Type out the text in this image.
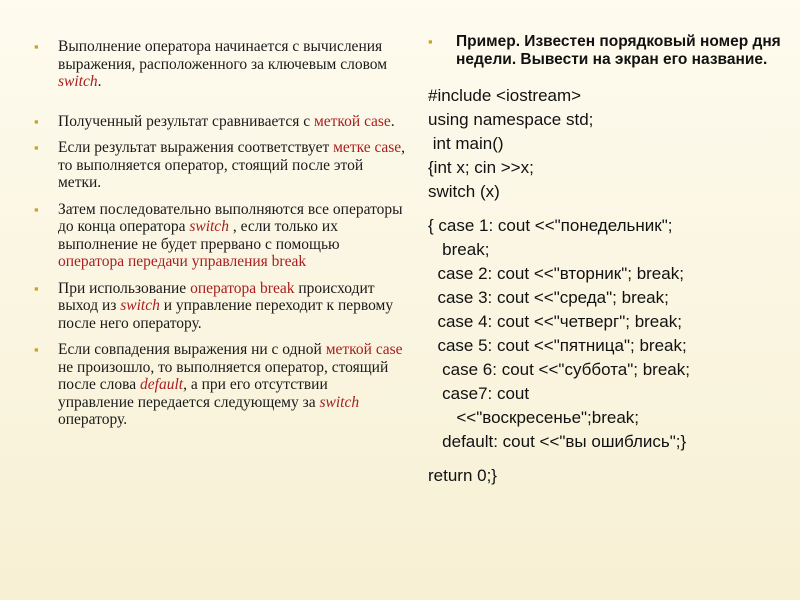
▪ Выполнение оператора начинается с вычисления выражения, расположенного за ключевым словом switch.
▪ Полученный результат сравнивается с меткой case.
▪ Если результат выражения соответствует метке case, то выполняется оператор, стоящий после этой метки.
▪ Затем последовательно выполняются все операторы до конца оператора switch , если только их выполнение не будет прервано с помощью оператора передачи управления break
▪ При использование оператора break происходит выход из switch и управление переходит к первому после него оператору.
▪ Если совпадения выражения ни с одной меткой case не произошло, то выполняется оператор, стоящий после слова default, а при его отсутствии управление передается следующему за switch оператору.
▪ Пример. Известен порядковый номер дня недели. Вывести на экран его название.
#include <iostream>
using namespace std;
int main()
{int x; cin >>x;
switch (x)
{ case 1: cout <<"понедельник";
break;
case 2: cout <<"вторник"; break;
case 3: cout <<"среда"; break;
case 4: cout <<"четверг"; break;
case 5: cout <<"пятница"; break;
case 6: cout <<"суббота"; break;
case7: cout
<<"воскресенье";break;
default: cout <<"вы ошиблись";}
return 0;}
